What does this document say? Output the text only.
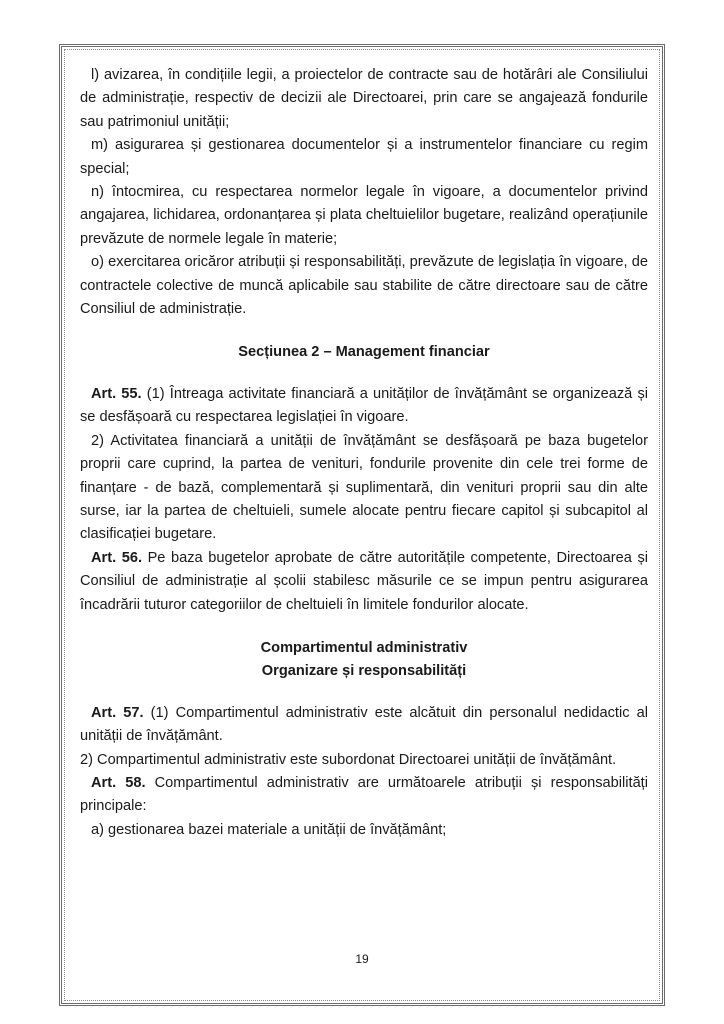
l) avizarea, în condițiile legii, a proiectelor de contracte sau de hotărâri ale Consiliului de administrație, respectiv de decizii ale Directoarei, prin care se angajează fondurile sau patrimoniul unității;

m) asigurarea și gestionarea documentelor și a instrumentelor financiare cu regim special;

n) întocmirea, cu respectarea normelor legale în vigoare, a documentelor privind angajarea, lichidarea, ordonanțarea și plata cheltuielilor bugetare, realizând operațiunile prevăzute de normele legale în materie;

o) exercitarea oricăror atribuții și responsabilități, prevăzute de legislația în vigoare, de contractele colective de muncă aplicabile sau stabilite de către directoare sau de către Consiliul de administrație.

Secțiunea 2 – Management financiar

Art. 55. (1) Întreaga activitate financiară a unităților de învățământ se organizează și se desfășoară cu respectarea legislației în vigoare.

2) Activitatea financiară a unității de învățământ se desfășoară pe baza bugetelor proprii care cuprind, la partea de venituri, fondurile provenite din cele trei forme de finanțare - de bază, complementară și suplimentară, din venituri proprii sau din alte surse, iar la partea de cheltuieli, sumele alocate pentru fiecare capitol și subcapitol al clasificației bugetare.

Art. 56. Pe baza bugetelor aprobate de către autoritățile competente, Directoarea și Consiliul de administrație al școlii stabilesc măsurile ce se impun pentru asigurarea încadrării tuturor categoriilor de cheltuieli în limitele fondurilor alocate.

Compartimentul administrativ

Organizare și responsabilități

Art. 57. (1) Compartimentul administrativ este alcătuit din personalul nedidactic al unității de învățământ.

2) Compartimentul administrativ este subordonat Directoarei unității de învățământ.

Art. 58. Compartimentul administrativ are următoarele atribuții și responsabilități principale:

a) gestionarea bazei materiale a unității de învățământ;

19
